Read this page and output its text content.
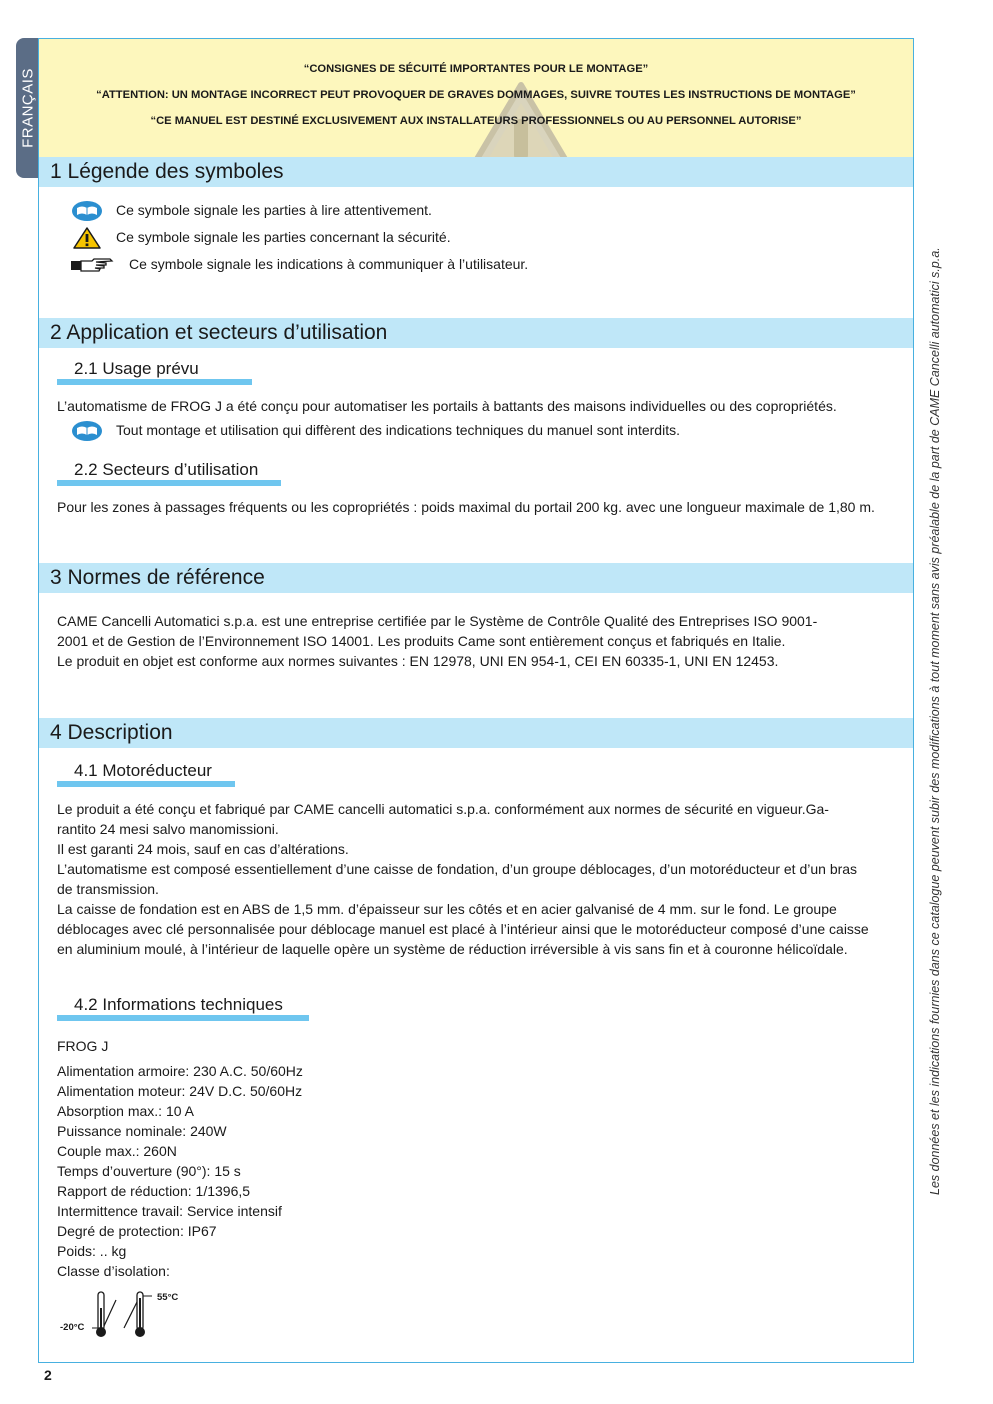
FRANÇAIS	“CONSIGNES DE SÉCUITÉ IMPORTANTES POUR LE MONTAGE”
“ATTENTION: UN MONTAGE INCORRECT PEUT PROVOQUER DE GRAVES DOMMAGES, SUIVRE TOUTES LES INSTRUCTIONS DE MONTAGE”
“CE MANUEL EST DESTINÉ EXCLUSIVEMENT AUX INSTALLATEURS PROFESSIONNELS OU AU PERSONNEL AUTORISE”
1 Légende des symboles
Ce symbole signale les parties à lire attentivement.
Ce symbole signale les parties concernant la sécurité.
Ce symbole signale les indications à communiquer à l’utilisateur.
2 Application et secteurs d’utilisation
2.1 Usage prévu
L’automatisme de FROG J a été conçu pour automatiser les portails à battants des maisons individuelles ou des copropriétés.
Tout montage et utilisation qui diffèrent des indications techniques du manuel sont interdits.
2.2 Secteurs d’utilisation
Pour les zones à passages fréquents ou les copropriétés : poids maximal du portail 200 kg. avec une longueur maximale de 1,80 m.
3 Normes de référence
CAME Cancelli Automatici s.p.a. est une entreprise certifiée par le Système de Contrôle Qualité des Entreprises ISO 9001-
2001 et de Gestion de l’Environnement ISO 14001. Les produits Came sont entièrement conçus et fabriqués en Italie.
Le produit en objet est conforme aux normes suivantes : EN 12978, UNI EN 954-1, CEI EN 60335-1, UNI EN 12453.
4 Description
4.1 Motoréducteur
Le produit a été conçu et fabriqué par CAME cancelli automatici s.p.a. conformément aux normes de sécurité en vigueur.Ga-
rantito 24 mesi salvo manomissioni.
Il est garanti 24 mois, sauf en cas d’altérations.
L’automatisme est composé essentiellement d’une caisse de fondation, d’un groupe déblocages, d’un motoréducteur et d’un bras
de transmission.
La caisse de fondation est en ABS de 1,5 mm. d’épaisseur sur les côtés et en acier galvanisé de 4 mm. sur le fond. Le groupe
déblocages avec clé personnalisée pour déblocage manuel est placé à l’intérieur ainsi que le motoréducteur composé d’une caisse
en aluminium moulé, à l’intérieur de laquelle opère un système de réduction irréversible à vis sans fin et à couronne hélicoïdale.
4.2 Informations techniques
FROG J
Alimentation armoire: 230 A.C. 50/60Hz
Alimentation moteur: 24V D.C. 50/60Hz
Absorption max.: 10 A
Puissance nominale: 240W
Couple max.: 260N
Temps d’ouverture (90°): 15 s
Rapport de réduction: 1/1396,5
Intermittence travail: Service intensif
Degré de protection: IP67
Poids: .. kg
Classe d’isolation:
-20°C
55°C
Les données et les indications fournies dans ce catalogue peuvent subir des modifications à tout moment sans avis préalable de la part de CAME Cancelli automatici s.p.a.
2
